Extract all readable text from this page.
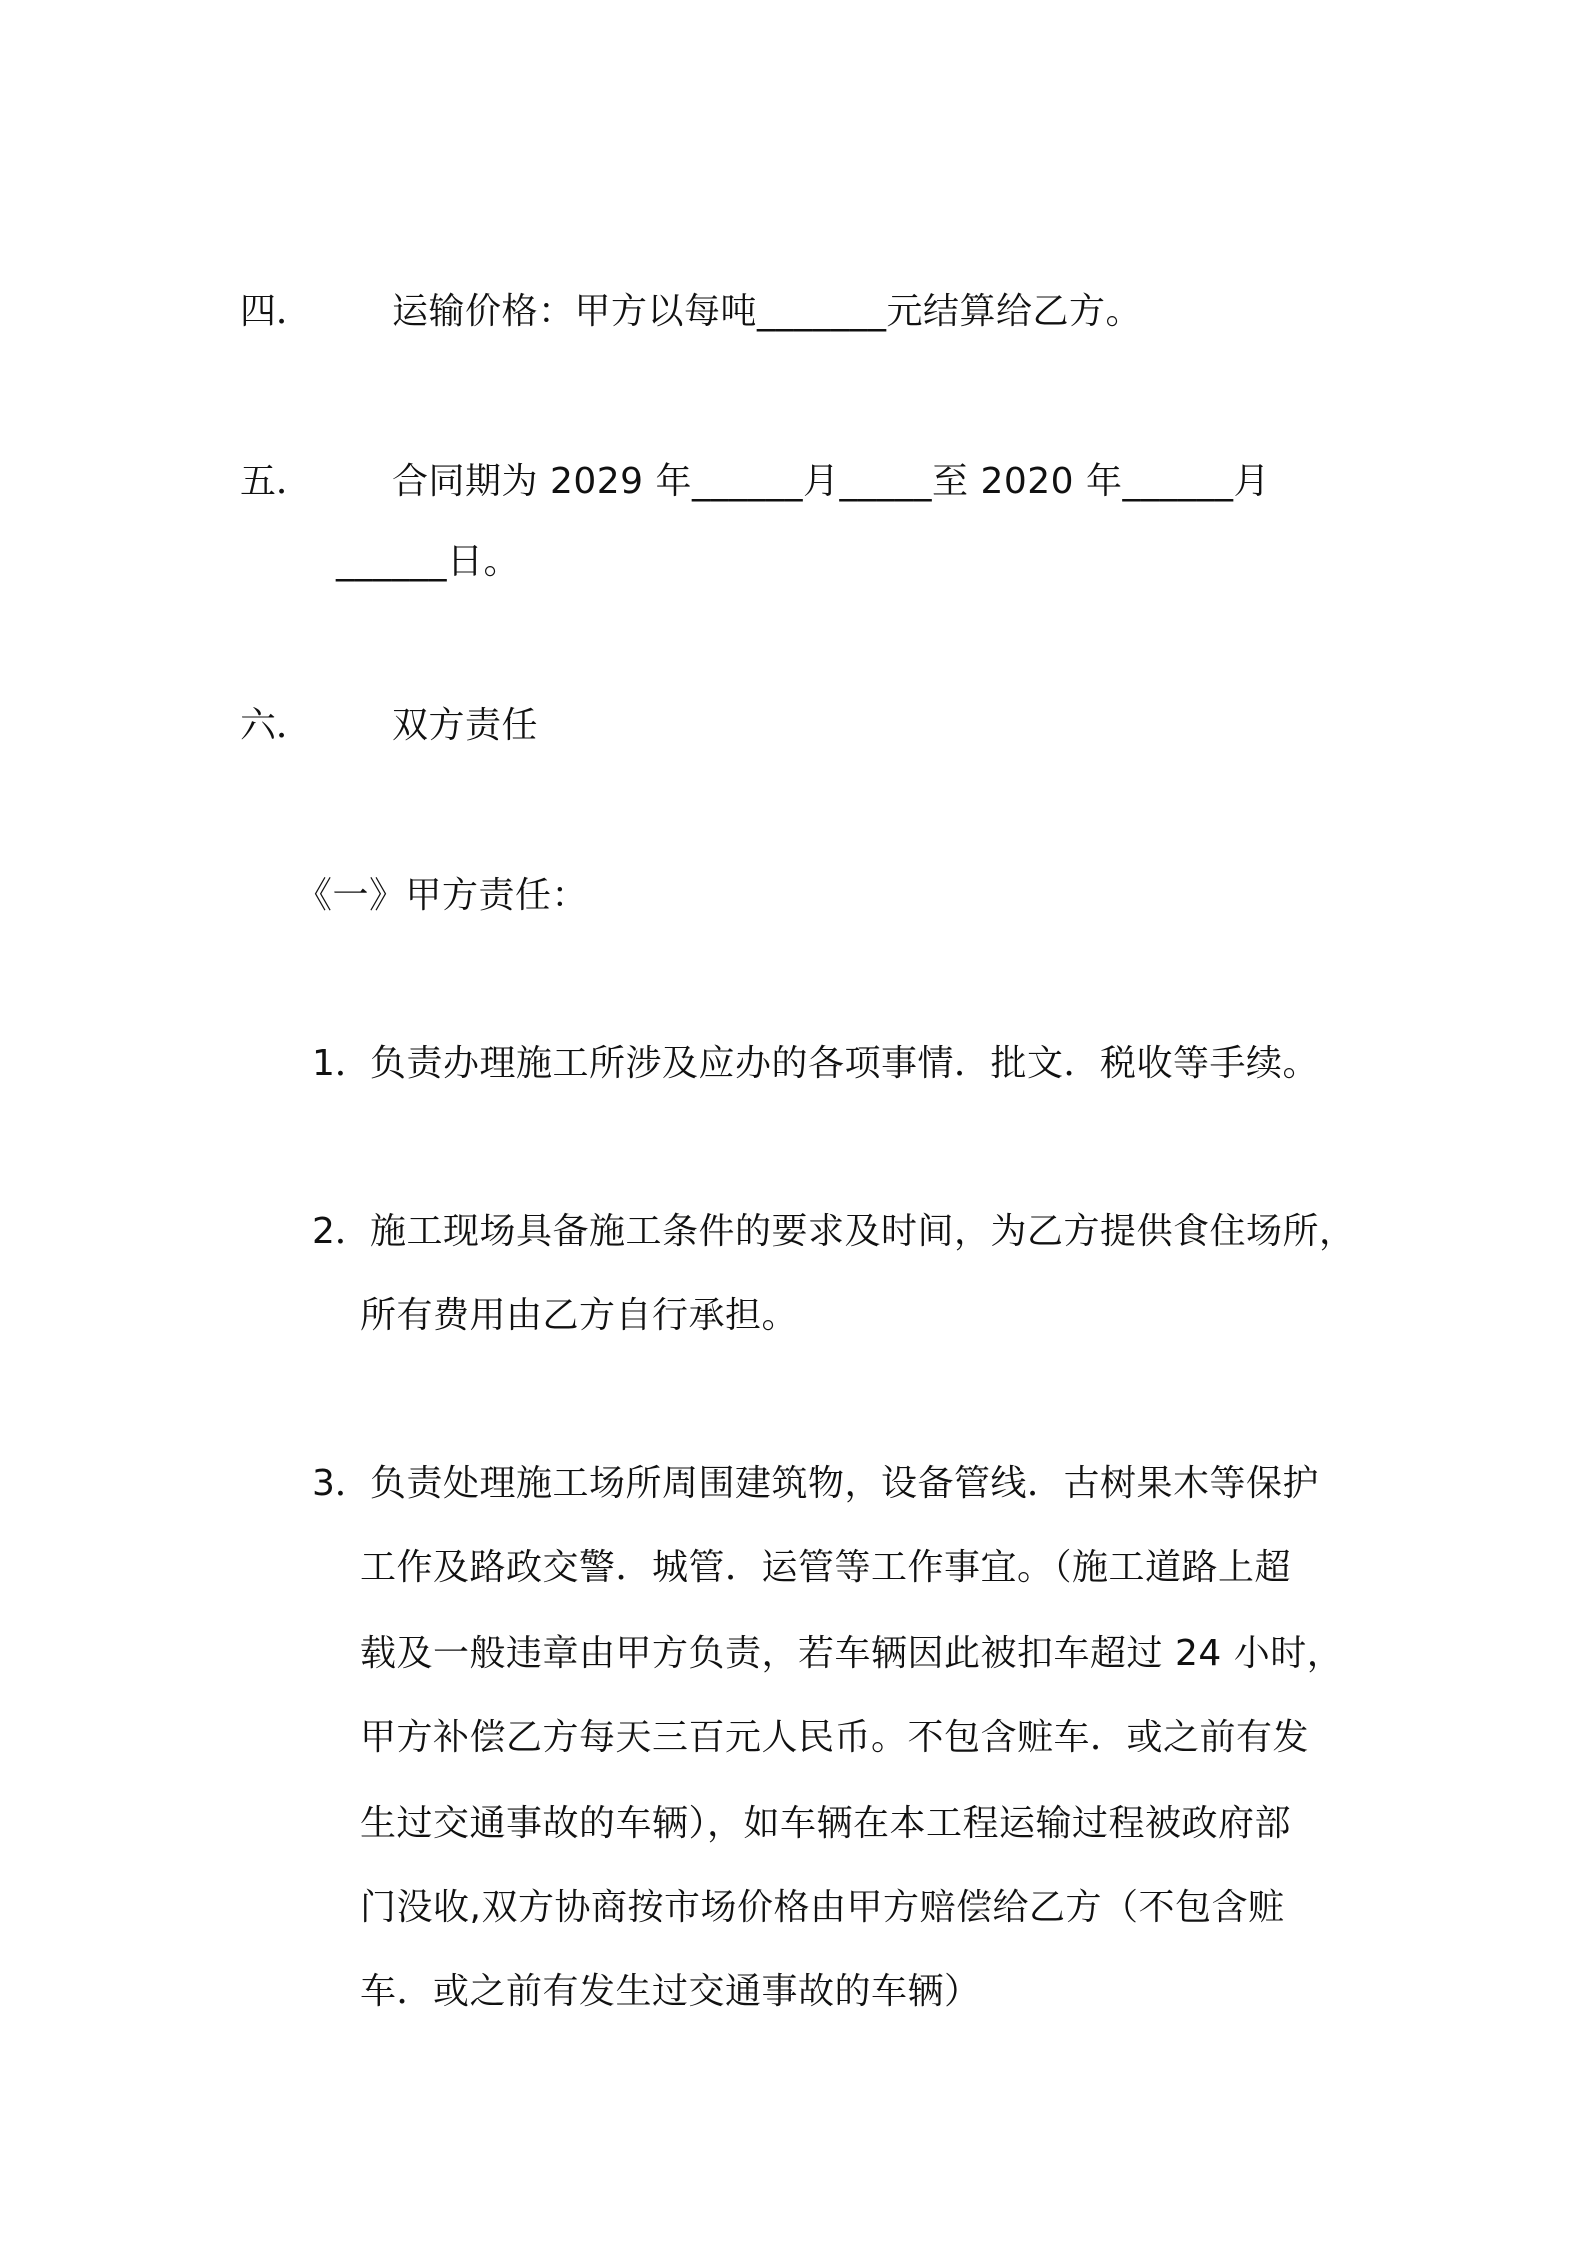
四． 运输价格：甲方以每吨_______元结算给乙方。
五． 合同期为 2029 年______月_____至 2020 年______月
______日。
六． 双方责任
《一》甲方责任：
1． 负责办理施工所涉及应办的各项事情．批文．税收等手续。
2． 施工现场具备施工条件的要求及时间，为乙方提供食住场所，
所有费用由乙方自行承担。
3． 负责处理施工场所周围建筑物，设备管线．古树果木等保护
工作及路政交警．城管．运管等工作事宜。（施工道路上超
载及一般违章由甲方负责，若车辆因此被扣车超过 24 小时，
甲方补偿乙方每天三百元人民币。不包含赃车．或之前有发
生过交通事故的车辆），如车辆在本工程运输过程被政府部
门没收,双方协商按市场价格由甲方赔偿给乙方（不包含赃
车．或之前有发生过交通事故的车辆）
